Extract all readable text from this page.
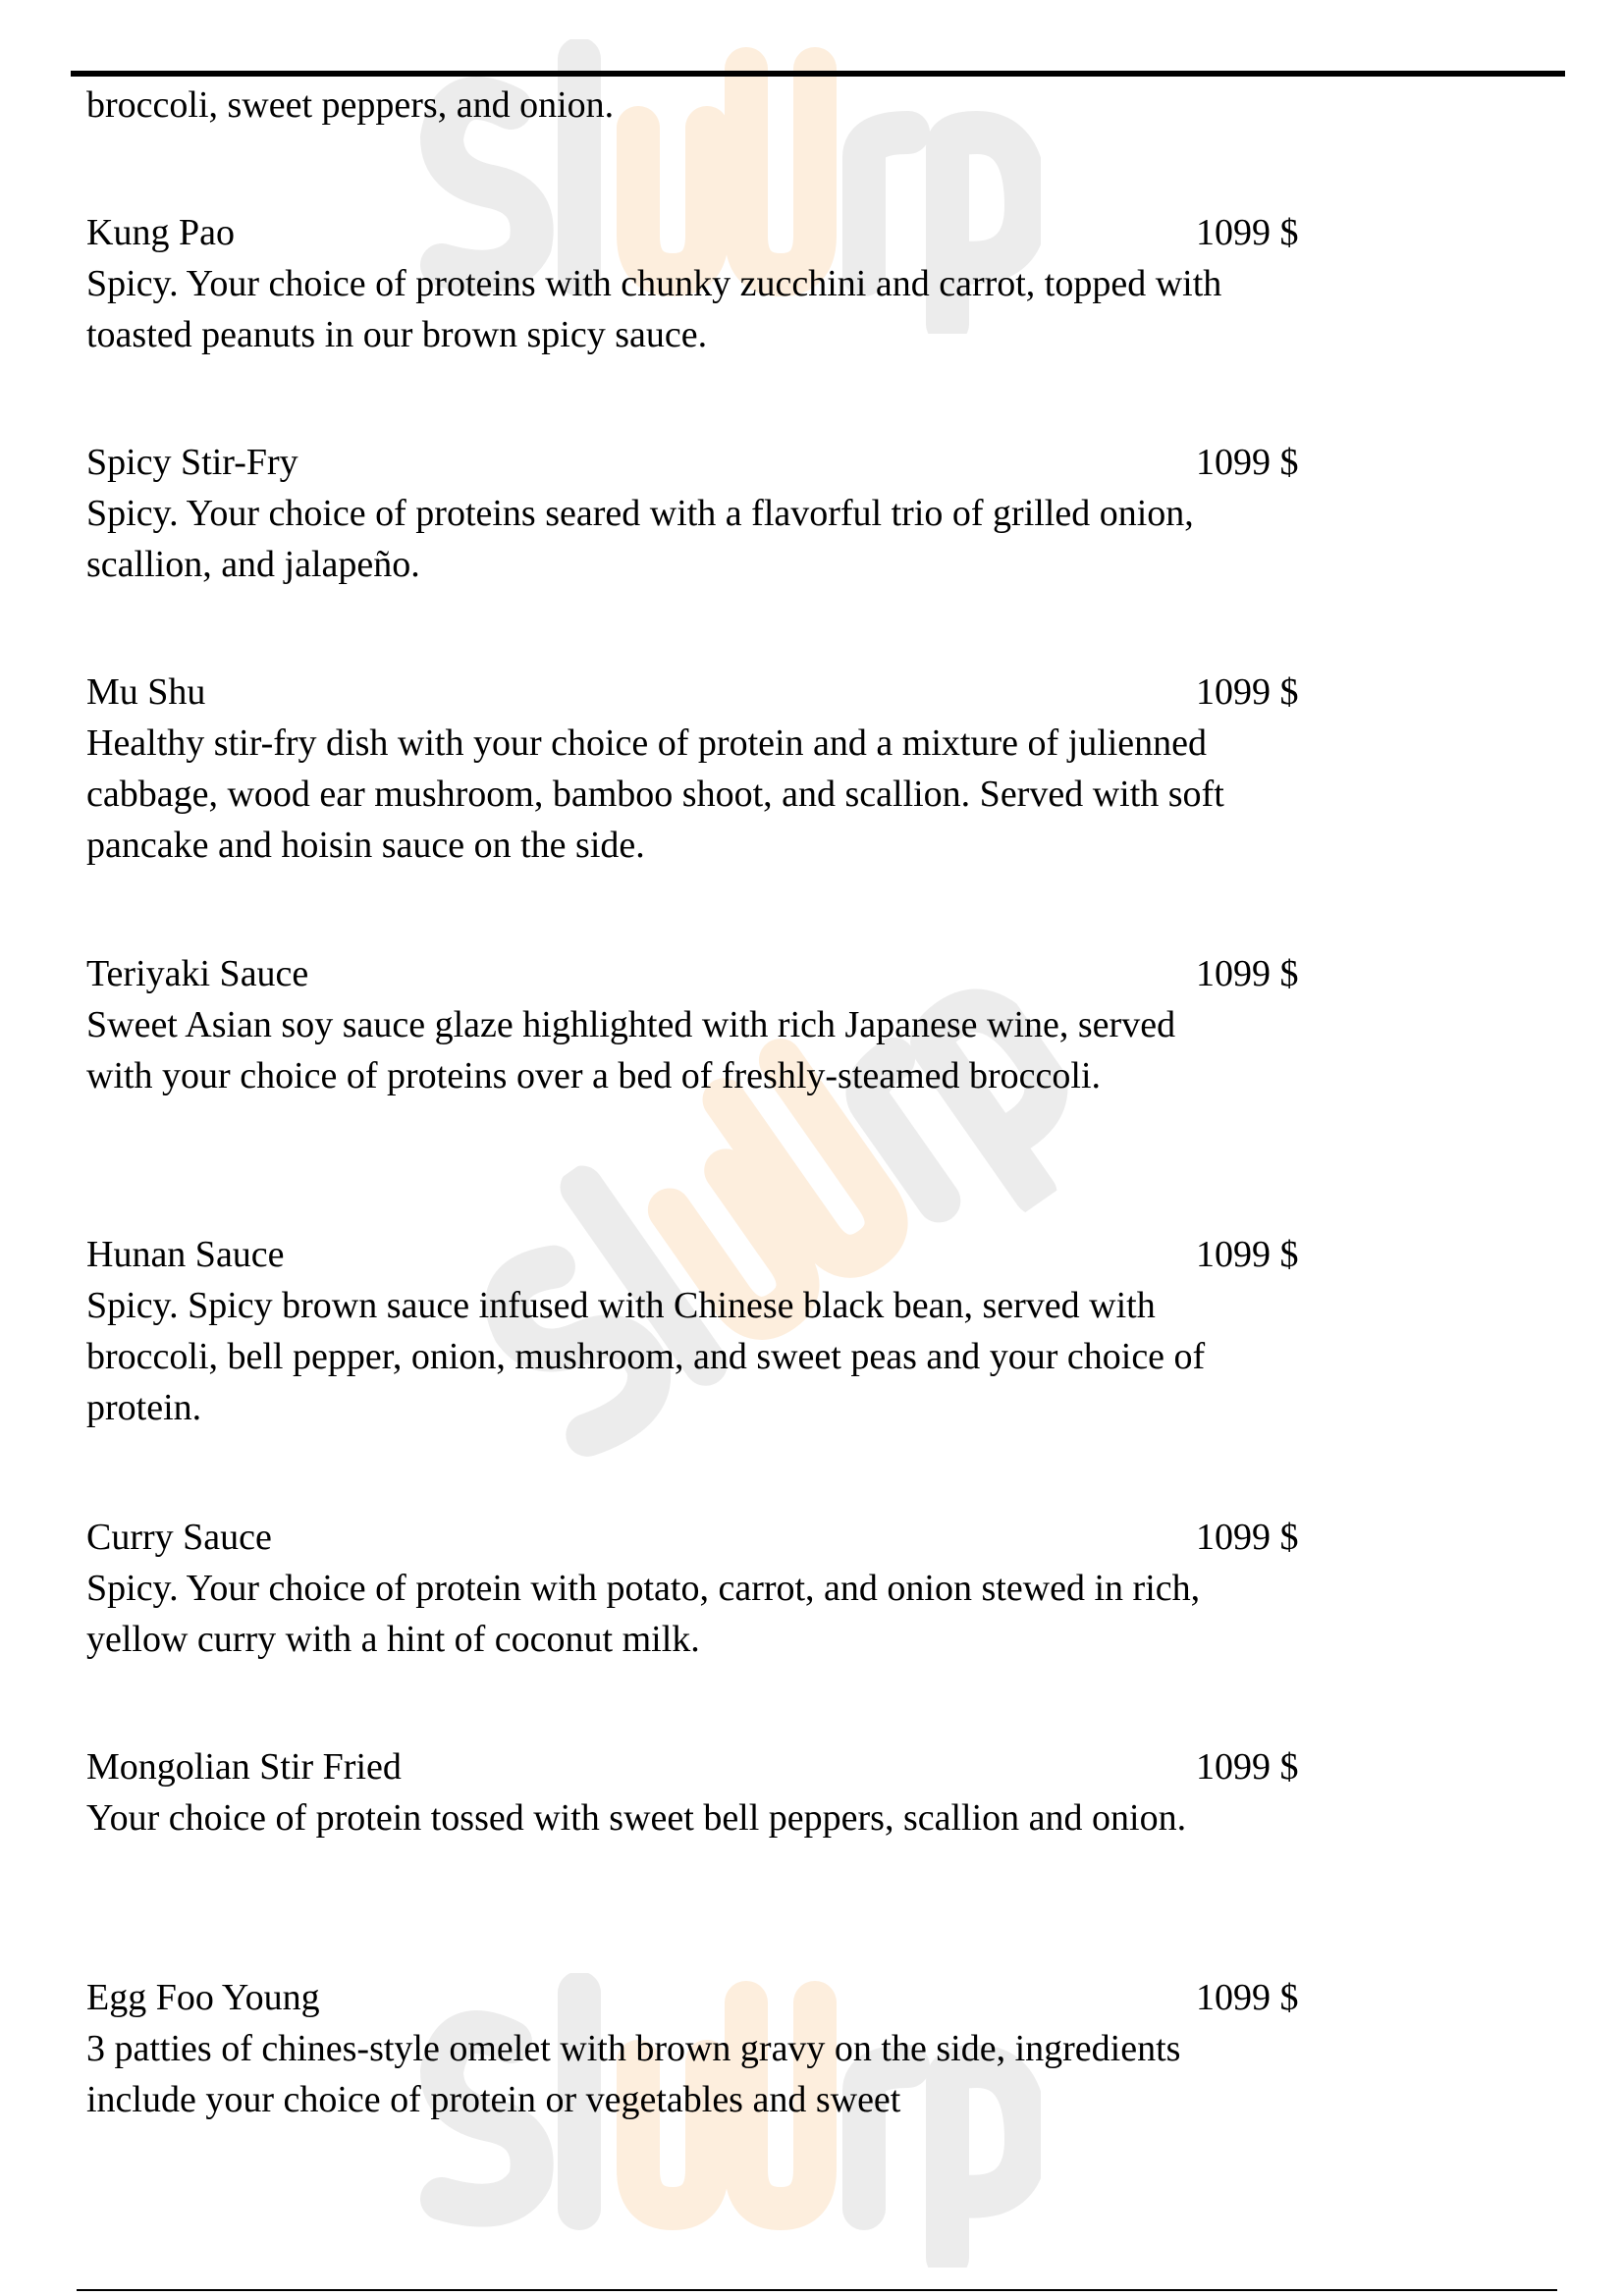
broccoli, sweet peppers, and onion.
Kung Pao	1099 $
Spicy. Your choice of proteins with chunky zucchini and carrot, topped with toasted peanuts in our brown spicy sauce.
Spicy Stir-Fry	1099 $
Spicy. Your choice of proteins seared with a flavorful trio of grilled onion, scallion, and jalapeño.
Mu Shu	1099 $
Healthy stir-fry dish with your choice of protein and a mixture of julienned cabbage, wood ear mushroom, bamboo shoot, and scallion. Served with soft pancake and hoisin sauce on the side.
Teriyaki Sauce	1099 $
Sweet Asian soy sauce glaze highlighted with rich Japanese wine, served with your choice of proteins over a bed of freshly-steamed broccoli.
Hunan Sauce	1099 $
Spicy. Spicy brown sauce infused with Chinese black bean, served with broccoli, bell pepper, onion, mushroom, and sweet peas and your choice of protein.
Curry Sauce	1099 $
Spicy. Your choice of protein with potato, carrot, and onion stewed in rich, yellow curry with a hint of coconut milk.
Mongolian Stir Fried	1099 $
Your choice of protein tossed with sweet bell peppers, scallion and onion.
Egg Foo Young	1099 $
3 patties of chines-style omelet with brown gravy on the side, ingredients include your choice of protein or vegetables and sweet
